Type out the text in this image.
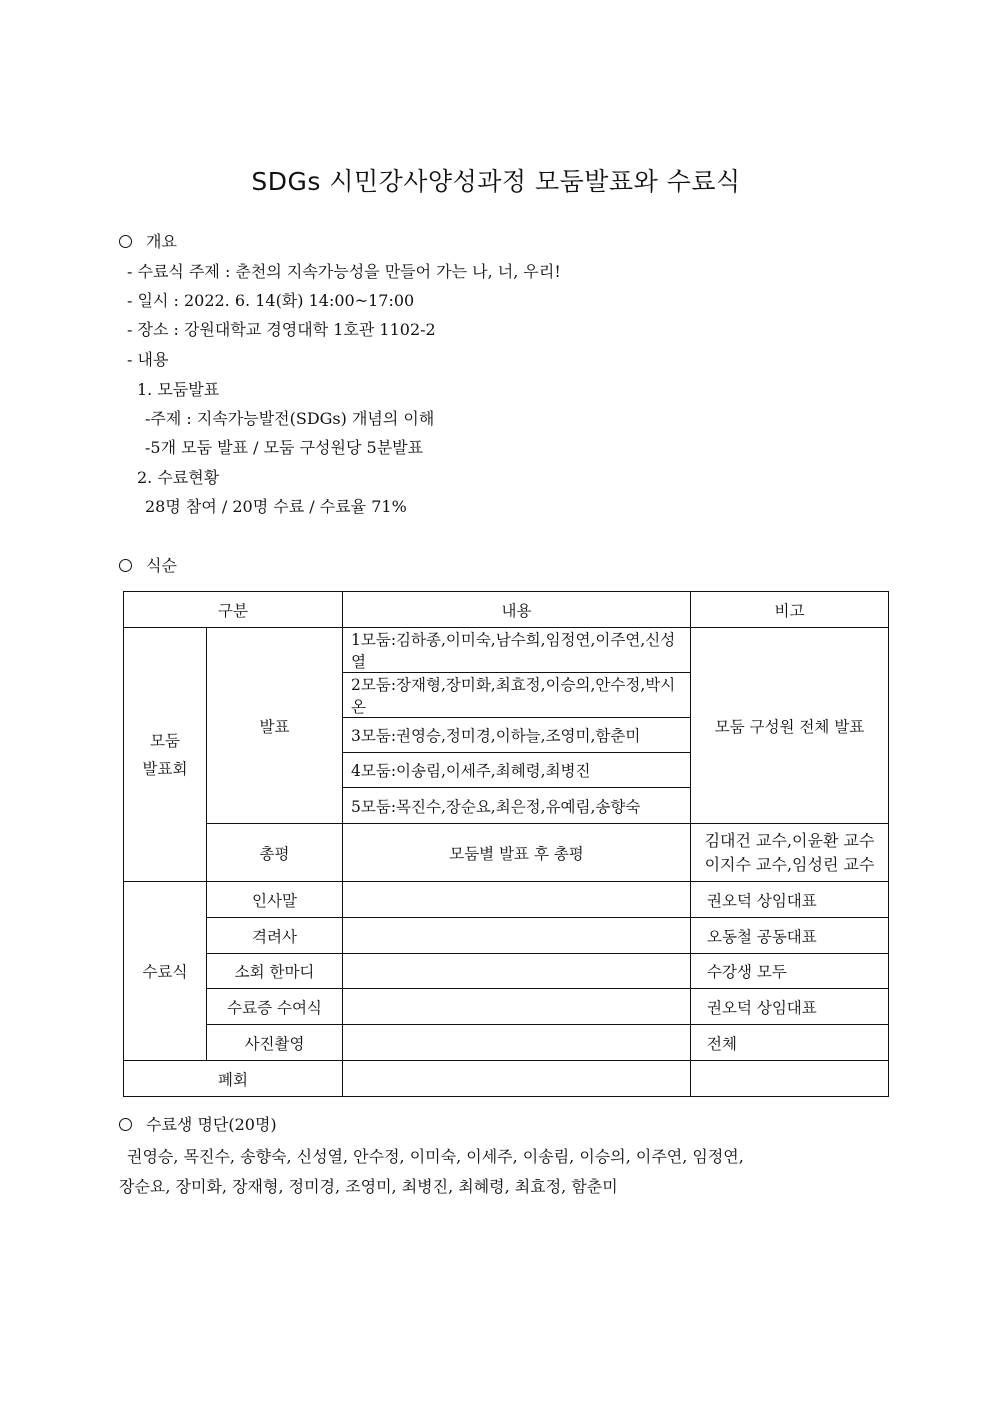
SDGs 시민강사양성과정 모둠발표와 수료식
개요
- 수료식 주제 : 춘천의 지속가능성을 만들어 가는 나, 너, 우리!
- 일시 : 2022. 6. 14(화) 14:00~17:00
- 장소 : 강원대학교 경영대학 1호관 1102-2
- 내용
1. 모둠발표
-주제 : 지속가능발전(SDGs) 개념의 이해
-5개 모둠 발표 / 모둠 구성원당 5분발표
2. 수료현황
28명 참여 / 20명 수료 / 수료율 71%
식순
구분		내용	비고
모둠
발표회	발표	1모둠:김하종,이미숙,남수희,임정연,이주연,신성열	모둠 구성원 전체 발표
		2모둠:장재형,장미화,최효정,이승의,안수정,박시온	
		3모둠:권영승,정미경,이하늘,조영미,함춘미	
		4모둠:이송림,이세주,최혜령,최병진	
		5모둠:목진수,장순요,최은정,유예림,송향숙	
	총평	모둠별 발표 후 총평	김대건 교수,이윤환 교수
이지수 교수,임성린 교수

수료식	인사말		권오덕 상임대표
	격려사		오동철 공동대표
	소회 한마디		수강생 모두
	수료증 수여식		권오덕 상임대표
	사진촬영		전체
폐회			
수료생 명단(20명)
권영승, 목진수, 송향숙, 신성열, 안수정, 이미숙, 이세주, 이송림, 이승의, 이주연, 임정연,
장순요, 장미화, 장재형, 정미경, 조영미, 최병진, 최혜령, 최효정, 함춘미
